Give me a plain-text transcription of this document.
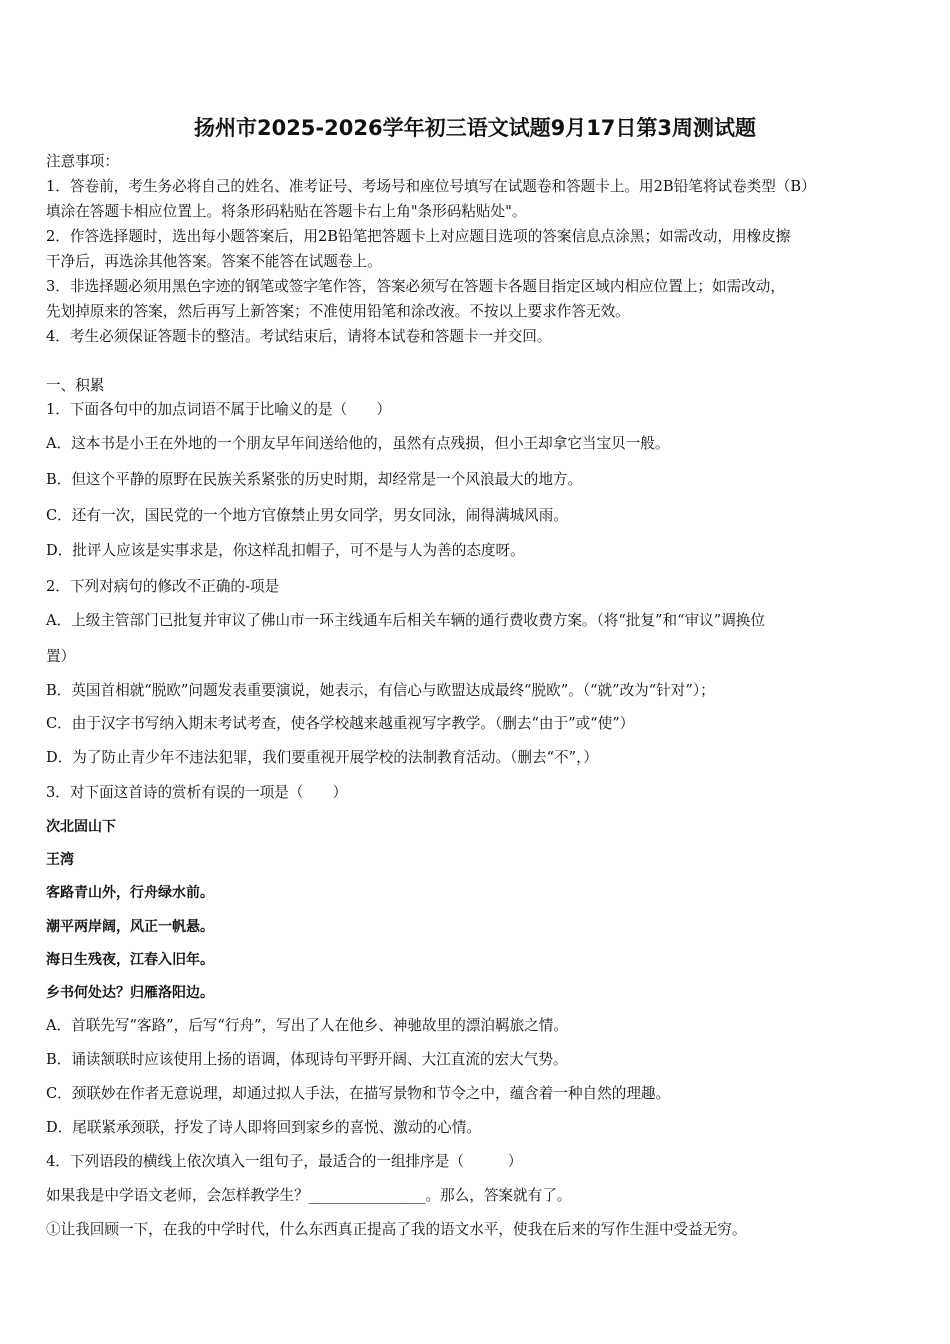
扬州市2025-2026学年初三语文试题9月17日第3周测试题
注意事项：
1．答卷前，考生务必将自己的姓名、准考证号、考场号和座位号填写在试题卷和答题卡上。用2B铅笔将试卷类型（B）
填涂在答题卡相应位置上。将条形码粘贴在答题卡右上角"条形码粘贴处"。
2．作答选择题时，选出每小题答案后，用2B铅笔把答题卡上对应题目选项的答案信息点涂黑；如需改动，用橡皮擦
干净后，再选涂其他答案。答案不能答在试题卷上。
3．非选择题必须用黑色字迹的钢笔或签字笔作答，答案必须写在答题卡各题目指定区域内相应位置上；如需改动，
先划掉原来的答案，然后再写上新答案；不准使用铅笔和涂改液。不按以上要求作答无效。
4．考生必须保证答题卡的整洁。考试结束后，请将本试卷和答题卡一并交回。
一、积累
1．下面各句中的加点词语不属于比喻义的是（　　）
A．这本书是小王在外地的一个朋友早年间送给他的，虽然有点残损，但小王却拿它当宝贝一般。
B．但这个平静的原野在民族关系紧张的历史时期，却经常是一个风浪最大的地方。
C．还有一次，国民党的一个地方官僚禁止男女同学，男女同泳，闹得满城风雨。
D．批评人应该是实事求是，你这样乱扣帽子，可不是与人为善的态度呀。
2．下列对病句的修改不正确的-项是
A．上级主管部门已批复并审议了佛山市一环主线通车后相关车辆的通行费收费方案。（将“批复”和“审议”调换位
置）
B．英国首相就“脱欧”问题发表重要演说，她表示，有信心与欧盟达成最终“脱欧”。（“就”改为“针对”）；
C．由于汉字书写纳入期末考试考查，使各学校越来越重视写字教学。（删去“由于”或“使”）
D．为了防止青少年不违法犯罪，我们要重视开展学校的法制教育活动。（删去“不”，）
3．对下面这首诗的赏析有误的一项是（　　）
次北固山下
王湾
客路青山外，行舟绿水前。
潮平两岸阔，风正一帆悬。
海日生残夜，江春入旧年。
乡书何处达？归雁洛阳边。
A．首联先写“客路”，后写“行舟”，写出了人在他乡、神驰故里的漂泊羁旅之情。
B．诵读颔联时应该使用上扬的语调，体现诗句平野开阔、大江直流的宏大气势。
C．颈联妙在作者无意说理，却通过拟人手法，在描写景物和节令之中，蕴含着一种自然的理趣。
D．尾联紧承颈联，抒发了诗人即将回到家乡的喜悦、激动的心情。
4．下列语段的横线上依次填入一组句子，最适合的一组排序是（　　　）
如果我是中学语文老师，会怎样教学生？________________。那么，答案就有了。
①让我回顾一下，在我的中学时代，什么东西真正提高了我的语文水平，使我在后来的写作生涯中受益无穷。
